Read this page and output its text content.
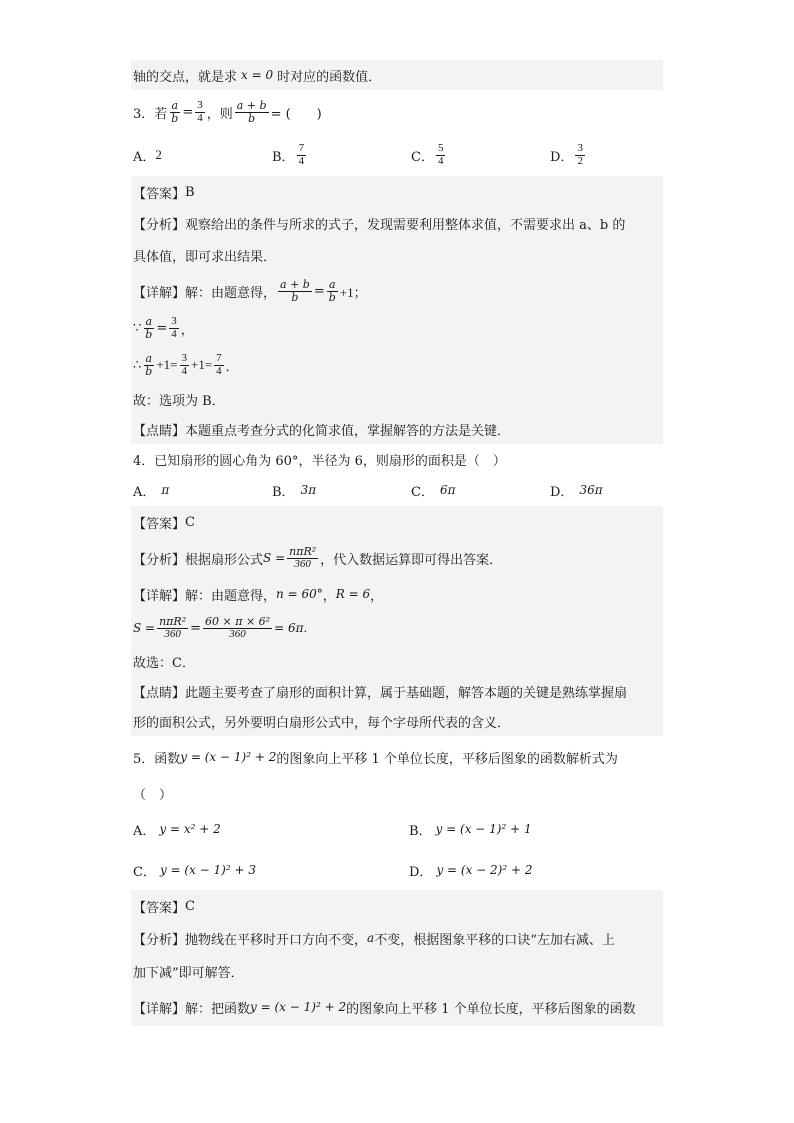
轴的交点，就是求 x = 0 时对应的函数值．
3．若 $\frac{a}{b} = \frac{3}{4}$ ，则 $\frac{a + b}{b}$ = (　　)
A． 2	B． $\frac{7}{4}$	C． $\frac{5}{4}$	D． $\frac{3}{2}$
【答案】 B
【分析】 观察给出的条件与所求的式子，发现需要利用整体求值，不需要求出 a、b 的
具体值，即可求出结果．
【详解】 解：由题意得， $\frac{a + b}{b} = \frac{a}{b} +1$；
∵ $\frac{a}{b} = \frac{3}{4}$ ，
∴ $\frac{a}{b} +1= \frac{3}{4} +1= \frac{7}{4}$ ．
故：选项为 B．
【点睛】 本题重点考查分式的化简求值，掌握解答的方法是关键．
4．已知扇形的圆心角为 60°，半径为 6，则扇形的面积是（　）
A． π	B． 3π	C． 6π	D． 36π
【答案】 C
【分析】 根据扇形公式 $S = \frac{\text{nπR²}}{360}$ ，代入数据运算即可得出答案．
【详解】 解：由题意得， n = 60° ， R = 6 ，
$S = \frac{\text{nπR²}}{360} = \frac{\text{60 × π × 6²}}{360} = 6\pi$.
故选：C．
【点睛】 此题主要考查了扇形的面积计算，属于基础题，解答本题的关键是熟练掌握扇
形的面积公式，另外要明白扇形公式中，每个字母所代表的含义．
5．函数 y = (x − 1)² + 2 的图象向上平移 1 个单位长度，平移后图象的函数解析式为
（　）
A． y = x² + 2	B． y = (x − 1)² + 1
C． y = (x − 1)² + 3	D． y = (x − 2)² + 2
【答案】 C
【分析】 抛物线在平移时开口方向不变， a 不变，根据图象平移的口诀“左加右减、上
加下减”即可解答．
【详解】 解：把函数 y = (x − 1)² + 2 的图象向上平移 1 个单位长度，平移后图象的函数
